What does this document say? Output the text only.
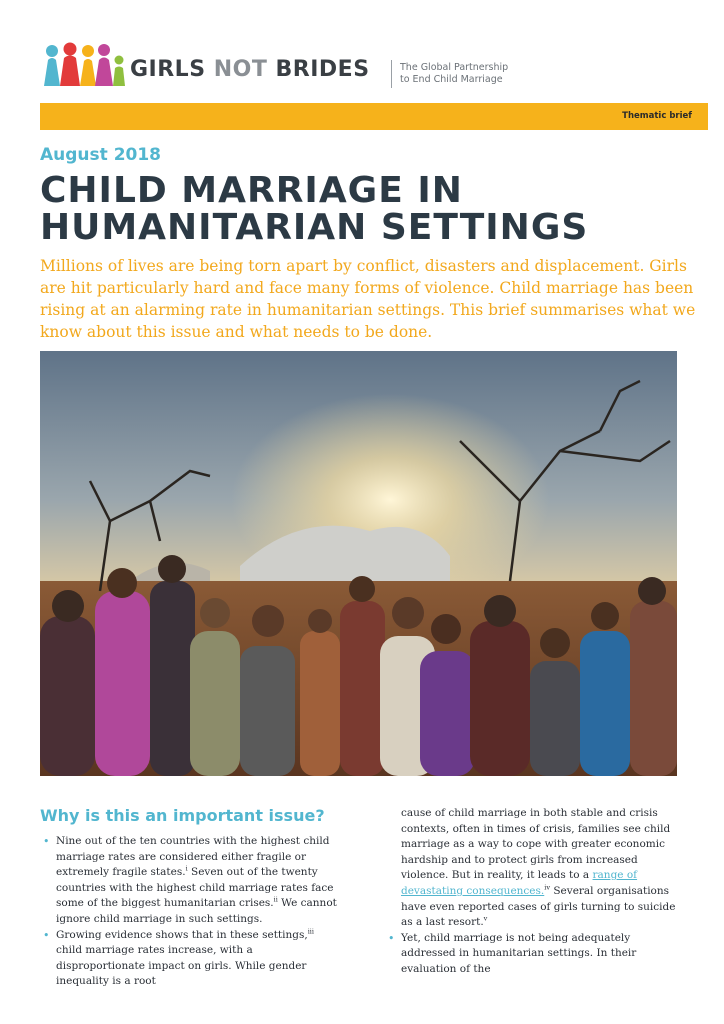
GIRLS NOT BRIDES	The Global Partnership
to End Child Marriage
Thematic brief
August 2018
CHILD MARRIAGE IN
HUMANITARIAN SETTINGS

Millions of lives are being torn apart by conflict, disasters and displacement. Girls are hit particularly hard and face many forms of violence. Child marriage has been rising at an alarming rate in humanitarian settings. This brief summarises what we know about this issue and what needs to be done.

Why is this an important issue?

• Nine out of the ten countries with the highest child marriage rates are considered either fragile or extremely fragile states.$^i$ Seven out of the twenty countries with the highest child marriage rates face some of the biggest humanitarian crises.$^{ii}$ We cannot ignore child marriage in such settings.

• Growing evidence shows that in these settings,$^{iii}$ child marriage rates increase, with a disproportionate impact on girls. While gender inequality is a root

cause of child marriage in both stable and crisis contexts, often in times of crisis, families see child marriage as a way to cope with greater economic hardship and to protect girls from increased violence. But in reality, it leads to a range of devastating consequences.$^{iv}$ Several organisations have even reported cases of girls turning to suicide as a last resort.$^v$

• Yet, child marriage is not being adequately addressed in humanitarian settings. In their evaluation of the
